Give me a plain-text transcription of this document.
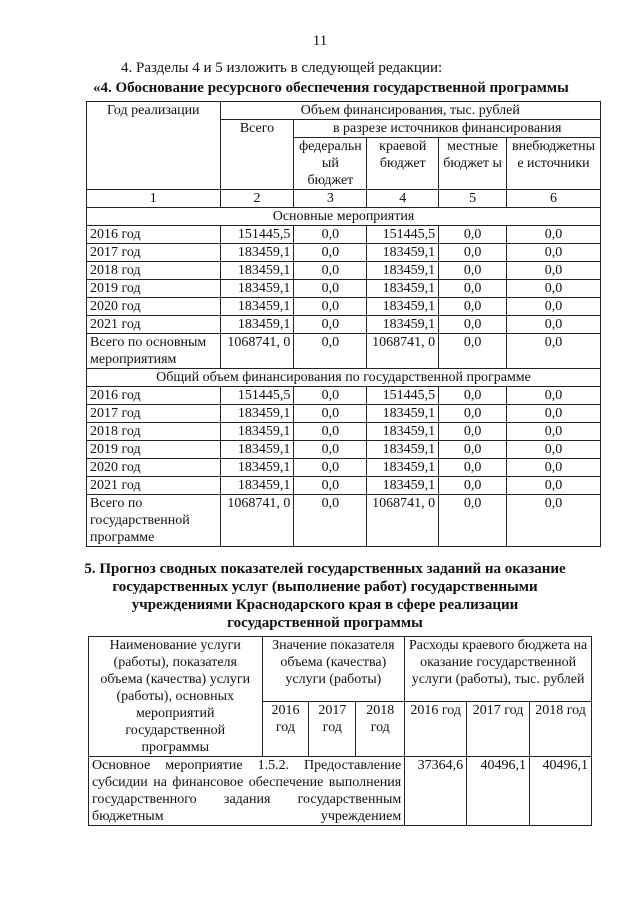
11
4. Разделы 4 и 5 изложить в следующей редакции:
«4. Обоснование ресурсного обеспечения государственной программы
Год реализации	Объем финансирования, тыс. рублей				
	Всего	в разрезе источников финансирования			
		федеральн ый бюджет	краевой бюджет	местные бюджет ы	внебюджетны е источники
1	2	3	4	5	6
Основные мероприятия					
2016 год	151445,5	0,0	151445,5	0,0	0,0
2017 год	183459,1	0,0	183459,1	0,0	0,0
2018 год	183459,1	0,0	183459,1	0,0	0,0
2019 год	183459,1	0,0	183459,1	0,0	0,0
2020 год	183459,1	0,0	183459,1	0,0	0,0
2021 год	183459,1	0,0	183459,1	0,0	0,0
Всего по основным мероприятиям	1068741, 0	0,0	1068741, 0	0,0	0,0
Общий объем финансирования по государственной программе					
2016 год	151445,5	0,0	151445,5	0,0	0,0
2017 год	183459,1	0,0	183459,1	0,0	0,0
2018 год	183459,1	0,0	183459,1	0,0	0,0
2019 год	183459,1	0,0	183459,1	0,0	0,0
2020 год	183459,1	0,0	183459,1	0,0	0,0
2021 год	183459,1	0,0	183459,1	0,0	0,0
Всего по государственной программе	1068741, 0	0,0	1068741, 0	0,0	0,0
5. Прогноз сводных показателей государственных заданий на оказание
государственных услуг (выполнение работ) государственными
учреждениями Краснодарского края в сфере реализации
государственной программы
Наименование услуги (работы), показателя объема (качества) услуги (работы), основных мероприятий государственной программы	Значение показателя объема (качества) услуги (работы)			Расходы краевого бюджета на оказание государственной услуги (работы), тыс. рублей		
	2016 год	2017 год	2018 год	2016 год	2017 год	2018 год

Основное мероприятие 1.5.2. Предоставление субсидии на финансовое обеспечение выполнения государственного задания государственным бюджетным учреждением				37364,6	40496,1	40496,1
